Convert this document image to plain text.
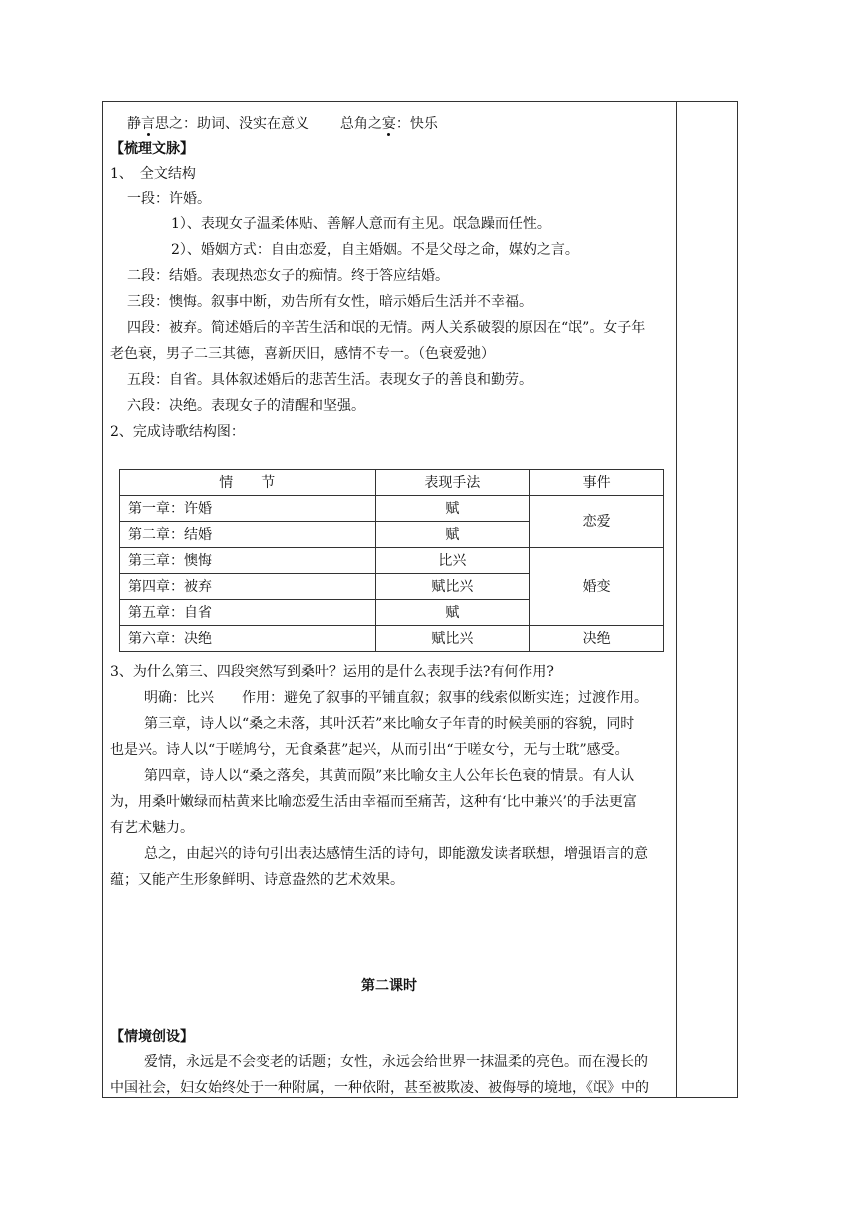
静言思之：助词、没实在意义 总角之宴：快乐
【梳理文脉】
1、　全文结构
一段：许婚。
1）、表现女子温柔体贴、善解人意而有主见。氓急躁而任性。
2）、婚姻方式：自由恋爱，自主婚姻。不是父母之命，媒妁之言。
二段：结婚。表现热恋女子的痴情。终于答应结婚。
三段：懊悔。叙事中断，劝告所有女性，暗示婚后生活并不幸福。
四段：被弃。简述婚后的辛苦生活和氓的无情。两人关系破裂的原因在“氓”。女子年
老色衰，男子二三其德，喜新厌旧，感情不专一。（色衰爱弛）
五段：自省。具体叙述婚后的悲苦生活。表现女子的善良和勤劳。
六段：决绝。表现女子的清醒和坚强。
2、完成诗歌结构图：
情　　节	表现手法	事件
第一章：许婚	赋	恋爱
第二章：结婚	赋	
第三章：懊悔	比兴	婚变
第四章：被弃	赋比兴	
第五章：自省	赋	
第六章：决绝	赋比兴	决绝
3、为什么第三、四段突然写到桑叶？运用的是什么表现手法?有何作用?
明确：比兴　　作用：避免了叙事的平铺直叙；叙事的线索似断实连；过渡作用。
第三章，诗人以“桑之未落，其叶沃若”来比喻女子年青的时候美丽的容貌，同时
也是兴。诗人以“于嗟鸠兮，无食桑葚”起兴，从而引出“于嗟女兮，无与士耽”感受。
第四章，诗人以“桑之落矣，其黄而陨”来比喻女主人公年长色衰的情景。有人认
为，用桑叶嫩绿而枯黄来比喻恋爱生活由幸福而至痛苦，这种有‘比中兼兴’的手法更富
有艺术魅力。
总之，由起兴的诗句引出表达感情生活的诗句，即能激发读者联想，增强语言的意
蕴；又能产生形象鲜明、诗意盎然的艺术效果。
第二课时
【情境创设】
爱情，永远是不会变老的话题；女性，永远会给世界一抹温柔的亮色。而在漫长的
中国社会，妇女始终处于一种附属，一种依附，甚至被欺凌、被侮辱的境地，《氓》中的
